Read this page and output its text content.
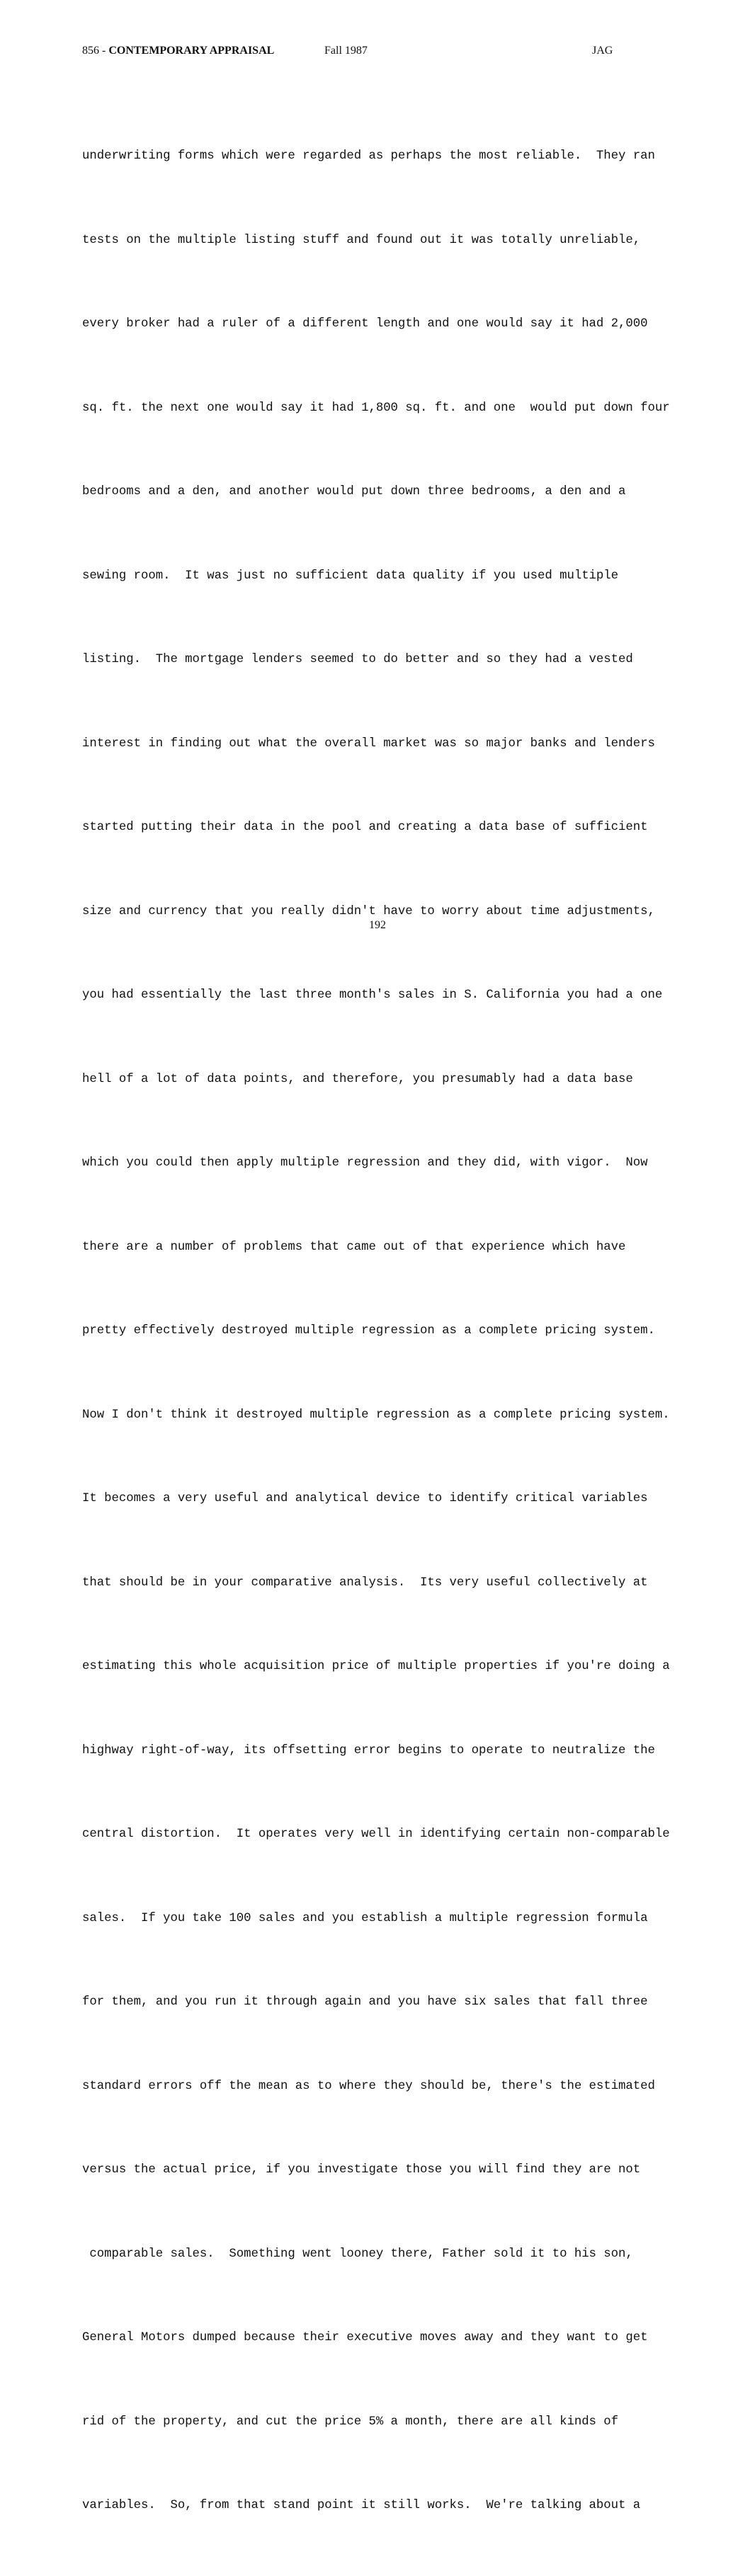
856 - CONTEMPORARY APPRAISAL	Fall 1987	JAG

underwriting forms which were regarded as perhaps the most reliable.  They ran

tests on the multiple listing stuff and found out it was totally unreliable,

every broker had a ruler of a different length and one would say it had 2,000

sq. ft. the next one would say it had 1,800 sq. ft. and one  would put down four

bedrooms and a den, and another would put down three bedrooms, a den and a

sewing room.  It was just no sufficient data quality if you used multiple

listing.  The mortgage lenders seemed to do better and so they had a vested

interest in finding out what the overall market was so major banks and lenders

started putting their data in the pool and creating a data base of sufficient

size and currency that you really didn't have to worry about time adjustments,

you had essentially the last three month's sales in S. California you had a one

hell of a lot of data points, and therefore, you presumably had a data base

which you could then apply multiple regression and they did, with vigor.  Now

there are a number of problems that came out of that experience which have

pretty effectively destroyed multiple regression as a complete pricing system.

Now I don't think it destroyed multiple regression as a complete pricing system.

It becomes a very useful and analytical device to identify critical variables

that should be in your comparative analysis.  Its very useful collectively at

estimating this whole acquisition price of multiple properties if you're doing a

highway right-of-way, its offsetting error begins to operate to neutralize the

central distortion.  It operates very well in identifying certain non-comparable

sales.  If you take 100 sales and you establish a multiple regression formula

for them, and you run it through again and you have six sales that fall three

standard errors off the mean as to where they should be, there's the estimated

versus the actual price, if you investigate those you will find they are not

comparable sales.  Something went looney there, Father sold it to his son,

General Motors dumped because their executive moves away and they want to get

rid of the property, and cut the price 5% a month, there are all kinds of

variables.  So, from that stand point it still works.  We're talking about a

192
